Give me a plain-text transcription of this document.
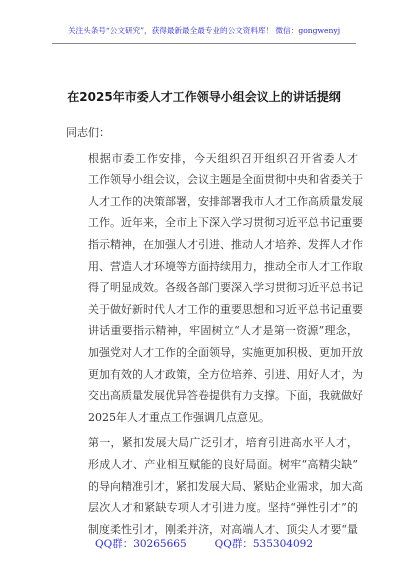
关注头条号“公文研究”，获得最新最全最专业的公文资料库！ 微信：gongwenyj
在2025年市委人才工作领导小组会议上的讲话提纲
同志们：
根据市委工作安排，今天组织召开组织召开省委人才
工作领导小组会议，会议主题是全面贯彻中央和省委关于
人才工作的决策部署，安排部署我市人才工作高质量发展
工作。近年来，全市上下深入学习贯彻习近平总书记重要
指示精神，在加强人才引进、推动人才培养、发挥人才作
用、营造人才环境等方面持续用力，推动全市人才工作取
得了明显成效。各级各部门要深入学习贯彻习近平总书记
关于做好新时代人才工作的重要思想和习近平总书记重要
讲话重要指示精神，牢固树立“人才是第一资源”理念，
加强党对人才工作的全面领导，实施更加积极、更加开放
更加有效的人才政策，全方位培养、引进、用好人才，为
交出高质量发展优异答卷提供有力支撑。下面，我就做好
2025年人才重点工作强调几点意见。
第一，紧扣发展大局广泛引才，培育引进高水平人才，
形成人才、产业相互赋能的良好局面。树牢“高精尖缺”
的导向精准引才，紧扣发展大局、紧贴企业需求，加大高
层次人才和紧缺专项人才引进力度。坚持“弹性引才”的
制度柔性引才，刚柔并济，对高端人才、顶尖人才要“量
QQ群：30265665	QQ群：535304092
